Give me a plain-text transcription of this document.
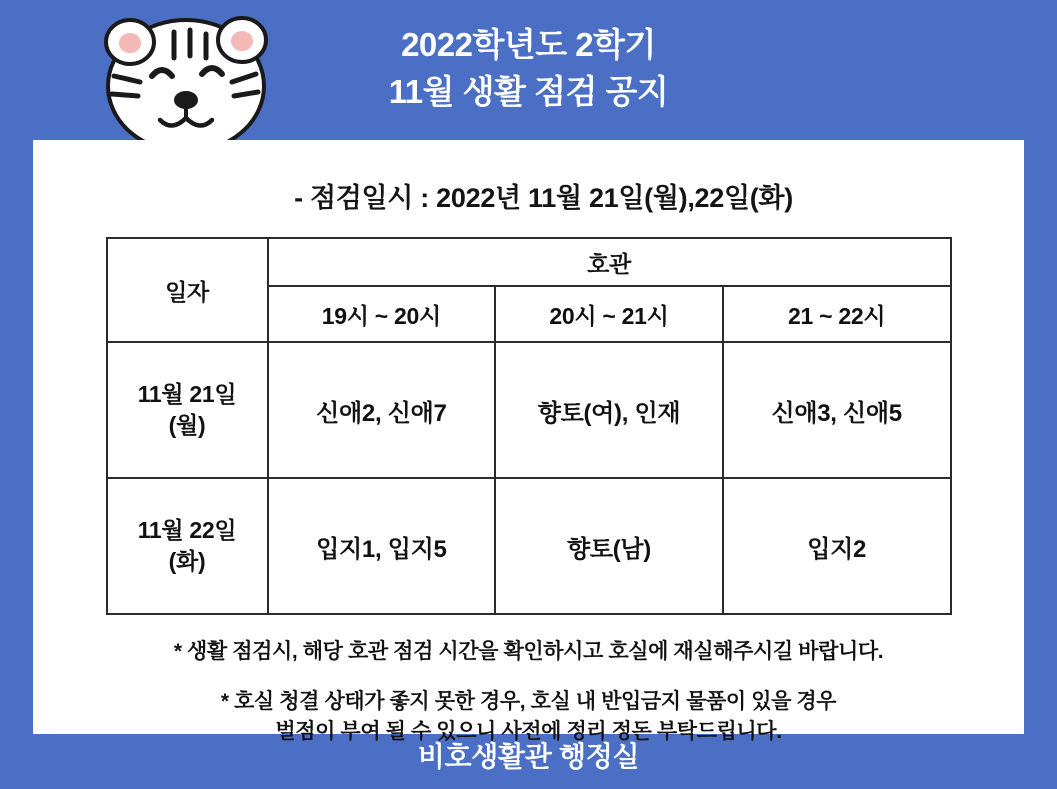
2022학년도 2학기
11월 생활 점검 공지

- 점검일시 : 2022년 11월 21일(월),22일(화)

일자	호관		
	19시 ~ 20시	20시 ~ 21시	21 ~ 22시
11월 21일
(월)	신애2, 신애7	향토(여), 인재	신애3, 신애5
11월 22일
(화)	입지1, 입지5	향토(남)	입지2

* 생활 점검시, 해당 호관 점검 시간을 확인하시고 호실에 재실해주시길 바랍니다.

* 호실 청결 상태가 좋지 못한 경우, 호실 내 반입금지 물품이 있을 경우
벌점이 부여 될 수 있으니 사전에 정리 정돈 부탁드립니다.

비호생활관 행정실
